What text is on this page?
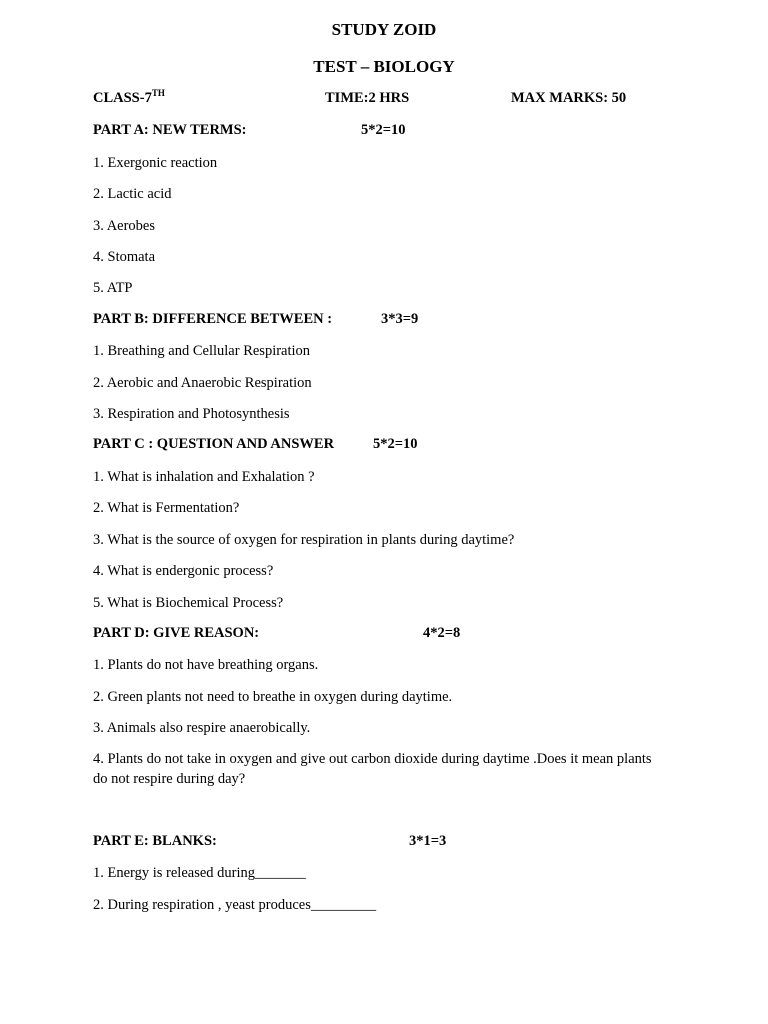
STUDY ZOID
TEST – BIOLOGY
CLASS-7TH	TIME:2 HRS	MAX MARKS: 50
PART A: NEW TERMS:	5*2=10
1. Exergonic reaction
2. Lactic acid
3. Aerobes
4. Stomata
5. ATP
PART B: DIFFERENCE BETWEEN :	3*3=9
1. Breathing and Cellular Respiration
2. Aerobic and Anaerobic Respiration
3. Respiration and Photosynthesis
PART C : QUESTION AND ANSWER	5*2=10
1. What is inhalation and Exhalation ?
2. What is Fermentation?
3. What is the source of oxygen for respiration in plants during daytime?
4. What is endergonic process?
5. What is Biochemical Process?
PART D: GIVE REASON:	4*2=8
1. Plants do not have breathing organs.
2. Green plants not need to breathe in oxygen during daytime.
3. Animals also respire anaerobically.
4. Plants do not take in oxygen and give out carbon dioxide during daytime .Does it mean plants do not respire during day?
PART E: BLANKS:	3*1=3
1. Energy is released during_______
2. During respiration , yeast produces_________
